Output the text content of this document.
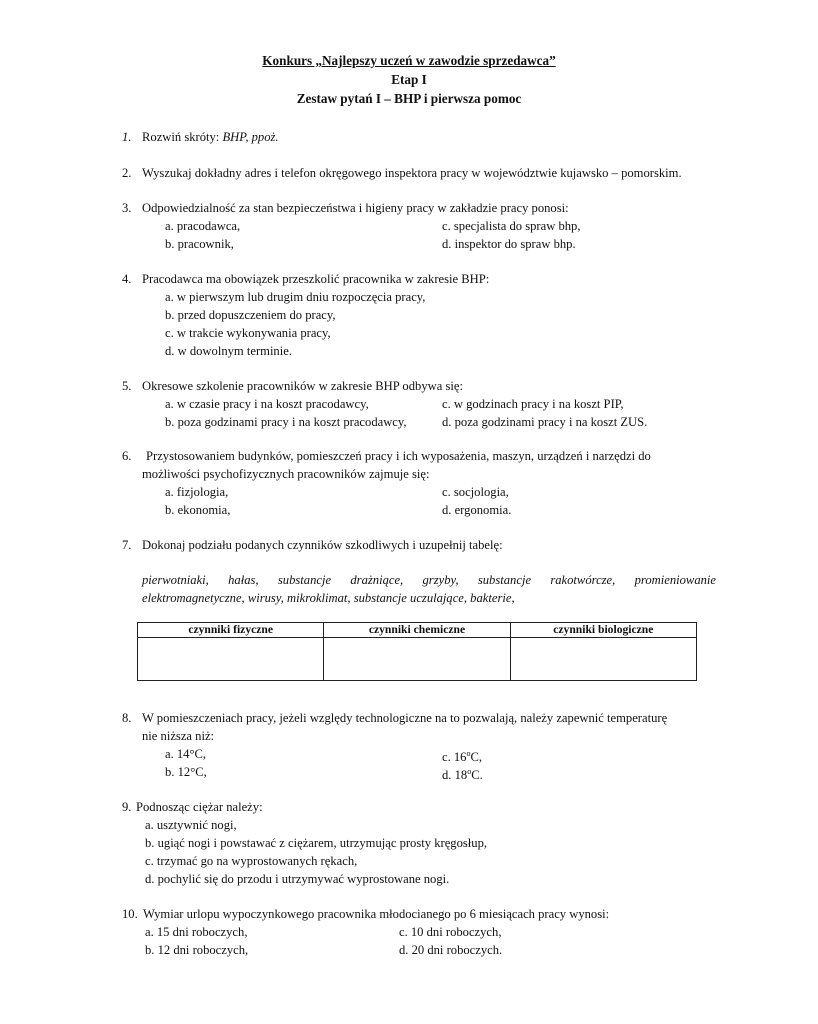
Konkurs „Najlepszy uczeń w zawodzie sprzedawca”
Etap I
Zestaw pytań I – BHP i pierwsza pomoc
1. Rozwiń skróty: BHP, ppoż.
2. Wyszukaj dokładny adres i telefon okręgowego inspektora pracy w województwie kujawsko – pomorskim.
3. Odpowiedzialność za stan bezpieczeństwa i higieny pracy w zakładzie pracy ponosi:
a. pracodawca,
b. pracownik,
c. specjalista do spraw bhp,
d. inspektor do spraw bhp.
4. Pracodawca ma obowiązek przeszkolić pracownika w zakresie BHP:
a. w pierwszym lub drugim dniu rozpoczęcia pracy,
b. przed dopuszczeniem do pracy,
c. w trakcie wykonywania pracy,
d. w dowolnym terminie.
5. Okresowe szkolenie pracowników w zakresie BHP odbywa się:
a. w czasie pracy i na koszt pracodawcy,
b. poza godzinami pracy i na koszt pracodawcy,
c. w godzinach pracy i na koszt PIP,
d. poza godzinami pracy i na koszt ZUS.
6. Przystosowaniem budynków, pomieszczeń pracy i ich wyposażenia, maszyn, urządzeń i narzędzi do
możliwości psychofizycznych pracowników zajmuje się:
a. fizjologia,
b. ekonomia,
c. socjologia,
d. ergonomia.
7. Dokonaj podziału podanych czynników szkodliwych i uzupełnij tabelę:
pierwotniaki, hałas, substancje drażniące, grzyby, substancje rakotwórcze, promieniowanie
elektromagnetyczne, wirusy, mikroklimat, substancje uczulające, bakterie,
czynniki fizyczne	czynniki chemiczne	czynniki biologiczne

8. W pomieszczeniach pracy, jeżeli względy technologiczne na to pozwalają, należy zapewnić temperaturę
nie niższa niż:
a. 14°C,
b. 12°C,
c. 16$^o$C,
d. 18$^o$C.
9. Podnosząc ciężar należy:
a. usztywnić nogi,
b. ugiąć nogi i powstawać z ciężarem, utrzymując prosty kręgosłup,
c. trzymać go na wyprostowanych rękach,
d. pochylić się do przodu i utrzymywać wyprostowane nogi.
10. Wymiar urlopu wypoczynkowego pracownika młodocianego po 6 miesiącach pracy wynosi:
a. 15 dni roboczych,
b. 12 dni roboczych,
c. 10 dni roboczych,
d. 20 dni roboczych.
